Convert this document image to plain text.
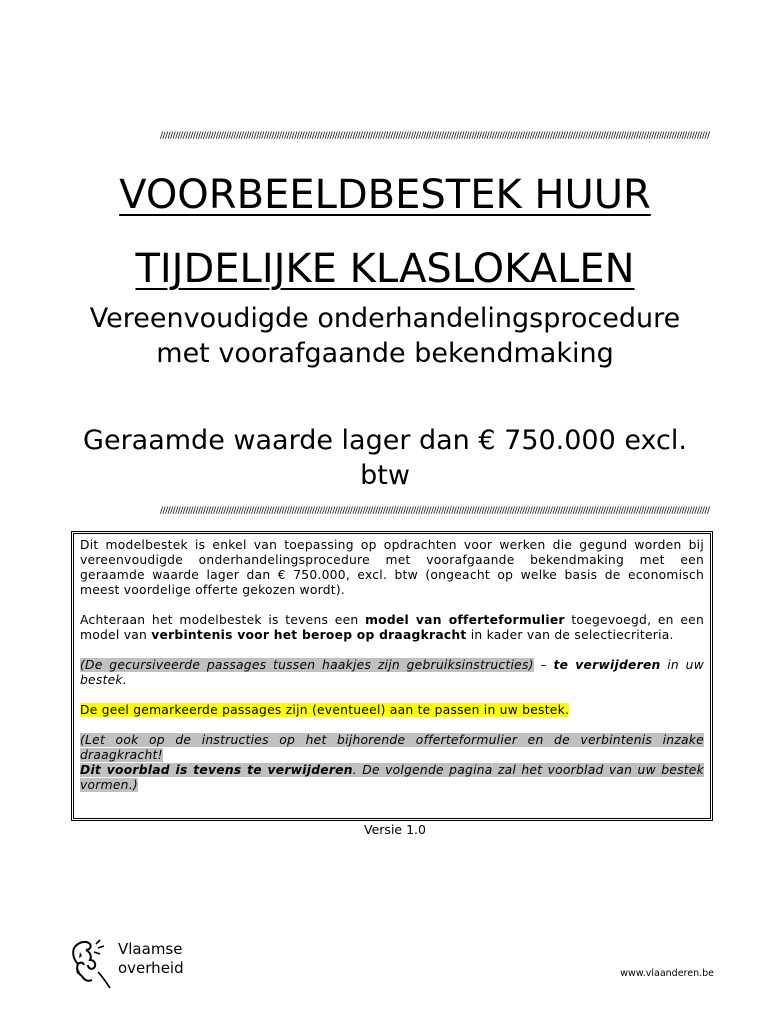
/////////////////////////////////////////////////////////////////////////////////////////////////////////////////////////////////////////////////////////////////////////////////////////////////////////////////////////
VOORBEELDBESTEK HUUR
TIJDELIJKE KLASLOKALEN
Vereenvoudigde onderhandelingsprocedure met voorafgaande bekendmaking
Geraamde waarde lager dan € 750.000 excl. btw
/////////////////////////////////////////////////////////////////////////////////////////////////////////////////////////////////////////////////////////////////////////////////////////////////////////////////////////

Dit modelbestek is enkel van toepassing op opdrachten voor werken die gegund worden bij vereenvoudigde onderhandelingsprocedure met voorafgaande bekendmaking met een geraamde waarde lager dan € 750.000, excl. btw (ongeacht op welke basis de economisch meest voordelige offerte gekozen wordt).

Achteraan het modelbestek is tevens een model van offerteformulier toegevoegd, en een model van verbintenis voor het beroep op draagkracht in kader van de selectiecriteria.

(De gecursiveerde passages tussen haakjes zijn gebruiksinstructies) – te verwijderen in uw bestek.

De geel gemarkeerde passages zijn (eventueel) aan te passen in uw bestek.

(Let ook op de instructies op het bijhorende offerteformulier en de verbintenis inzake draagkracht!
Dit voorblad is tevens te verwijderen. De volgende pagina zal het voorblad van uw bestek vormen.)

Versie 1.0
Vlaamse
overheid	www.vlaanderen.be
